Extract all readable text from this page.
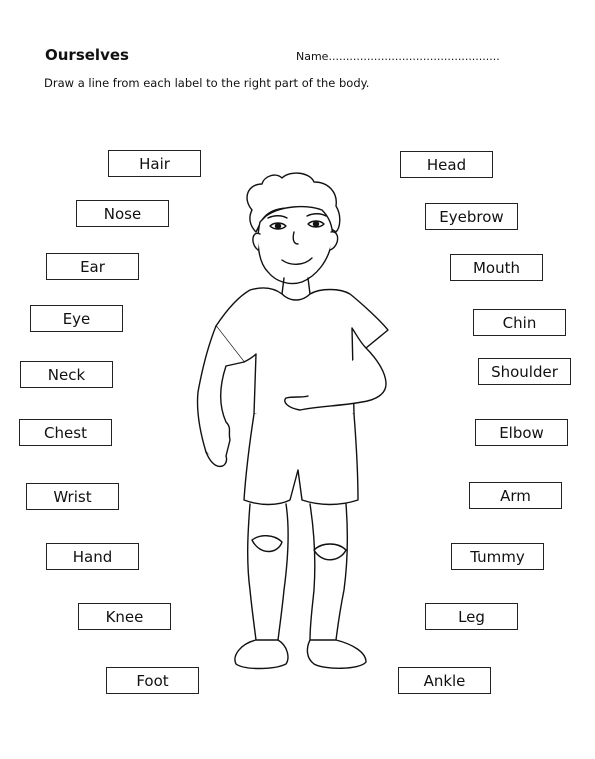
Ourselves	Name.................................................
Draw a line from each label to the right part of the body.
Hair
Nose
Ear
Eye
Neck
Chest
Wrist
Hand
Knee
Foot
Head
Eyebrow
Mouth
Chin
Shoulder
Elbow
Arm
Tummy
Leg
Ankle
